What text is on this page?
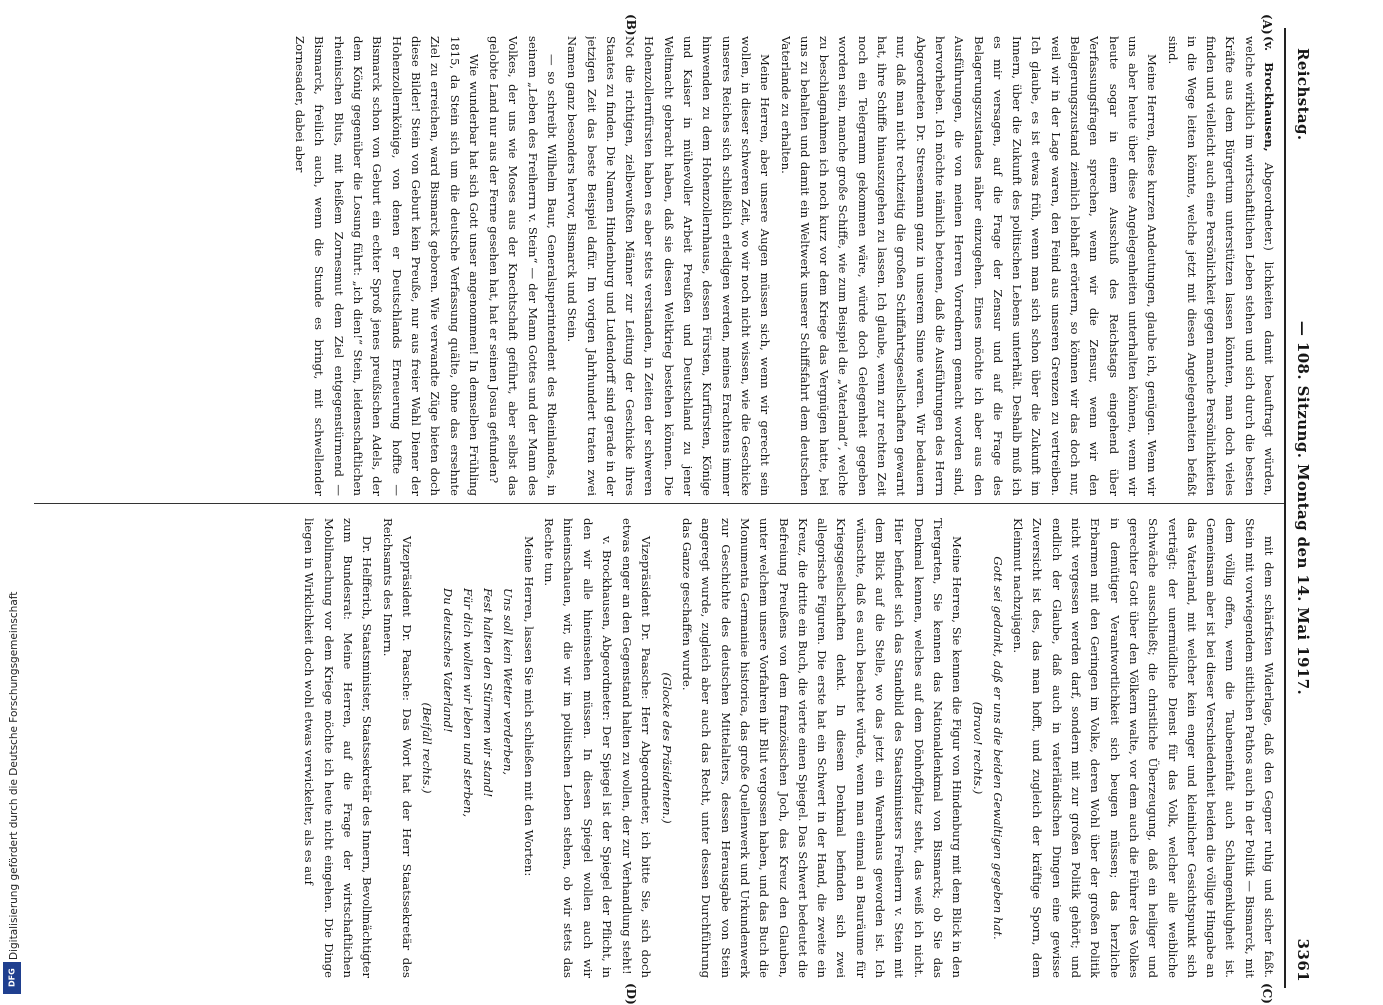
Reichstag.
— 108. Sitzung. Montag den 14. Mai 1917.
3361

(v. Brockhausen, Abgeordneter.) lichkeiten damit beauftragt würden, welche wirklich im wirtschaftlichen Leben stehen und sich durch die besten Kräfte aus dem Bürgertum unterstützen lassen könnten, man doch vieles finden und vielleicht auch eine Persönlichkeit gegen manche Persönlichkeiten in die Wege leiten könnte, welche jetzt mit diesen Angelegenheiten befaßt sind.

Meine Herren, diese kurzen Andeutungen, glaube ich, genügen. Wenn wir uns aber heute über diese Angelegenheiten unterhalten können, wenn wir heute sogar in einem Ausschuß des Reichstags eingehend über Verfassungsfragen sprechen, wenn wir die Zensur, wenn wir den Belagerungszustand ziemlich lebhaft erörtern, so können wir das doch nur, weil wir in der Lage waren, den Feind aus unseren Grenzen zu vertreiben. Ich glaube, es ist etwas früh, wenn man sich schon über die Zukunft im Innern, über die Zukunft des politischen Lebens unterhält. Deshalb muß ich es mir versagen, auf die Frage der Zensur und auf die Frage des Belagerungszustandes näher einzugehen. Eines möchte ich aber aus den Ausführungen, die von meinen Herren Vorrednern gemacht worden sind, hervorheben. Ich möchte nämlich betonen, daß die Ausführungen des Herrn Abgeordneten Dr. Stresemann ganz in unserem Sinne waren. Wir bedauern nur, daß man nicht rechtzeitig die großen Schiffahrtsgesellschaften gewarnt hat, ihre Schiffe hinauszugehen zu lassen. Ich glaube, wenn zur rechten Zeit noch ein Telegramm gekommen wäre, würde doch Gelegenheit gegeben worden sein, manche große Schiffe, wie zum Beispiel die „Vaterland“, welche zu beschlagnahmen ich noch kurz vor dem Kriege das Vergnügen hatte, bei uns zu behalten und damit ein Weltwerk unserer Schiffsfahrt dem deutschen Vaterlande zu erhalten.

Meine Herren, aber unsere Augen müssen sich, wenn wir gerecht sein wollen, in dieser schweren Zeit, wo wir noch nicht wissen, wie die Geschicke unseres Reiches sich schließlich erledigen werden, meines Erachtens immer hinwenden zu dem Hohenzollernhause, dessen Fürsten, Kurfürsten, Könige und Kaiser in mühevoller Arbeit Preußen und Deutschland zu jener Weltmacht gebracht haben, daß sie diesen Weltkrieg bestehen können. Die Hohenzollernfürsten haben es aber stets verstanden, in Zeiten der schweren Not die richtigen, zielbewußten Männer zur Leitung der Geschicke ihres Staates zu finden. Die Namen Hindenburg und Ludendorff sind gerade in der jetzigen Zeit das beste Beispiel dafür. Im vorigen Jahrhundert traten zwei Namen ganz besonders hervor, Bismarck und Stein.

— so schreibt Wilhelm Baur, Generalsuperintendent des Rheinlandes, in seinem „Leben des Freiherrn v. Stein“ — der Mann Gottes und der Mann des Volkes, der uns wie Moses aus der Knechtschaft geführt, aber selbst das gelobte Land nur aus der Ferne gesehen hat, hat er seinen Josua gefunden?

Wie wunderbar hat sich Gott unser angenommen! In demselben Frühling 1815, da Stein sich um die deutsche Verfassung quälte, ohne das ersehnte Ziel zu erreichen, ward Bismarck geboren. Wie verwandte Züge bieten doch diese Bilder! Stein von Geburt kein Preuße, nur aus freier Wahl Diener der Hohenzollernkönige, von denen er Deutschlands Erneuerung hoffte — Bismarck schon von Geburt ein echter Sproß jenes preußischen Adels, der dem König gegenüber die Losung führt: „ich dien!“ Stein, leidenschaftlichen rheinischen Bluts, mit heißem Zornesmut dem Ziel entgegenstürmend — Bismarck, freilich auch, wenn die Stunde es bringt, mit schwellender Zornesader, dabei aber

mit dem schärfsten Widerlage, daß den Gegner ruhig und sicher faßt. Stein mit vorwiegendem sittlichen Pathos auch in der Politik — Bismarck, mit dem völlig offen, wenn die Taubeneinfalt auch Schlangenklugheit ist. Gemeinsam aber ist bei dieser Verschiedenheit beiden die völlige Hingabe an das Vaterland, mit welcher kein enger und kleinlicher Gesichtspunkt sich verträgt: der unermüdliche Dienst für das Volk, welcher alle weibliche Schwäche ausschließt; die christliche Überzeugung, daß ein heiliger und gerechter Gott über den Völkern walte, vor dem auch die Führer des Volkes in demütiger Verantwortlichkeit sich beugen müssen; das herzliche Erbarmen mit den Geringen im Volke, deren Wohl über der großen Politik nicht vergessen werden darf, sondern mit zur großen Politik gehört; und endlich der Glaube, daß auch in vaterländischen Dingen eine gewisse Zuversicht ist des, das man hofft, und zugleich der kräftige Sporn, dem Kleinmut nachzujagen.

Gott sei gedankt, daß er uns die beiden Gewaltigen gegeben hat.

(Bravo! rechts.)

Meine Herren, Sie kennen die Figur von Hindenburg mit dem Blick in den Tiergarten, Sie kennen das Nationaldenkmal von Bismarck; ob Sie das Denkmal kennen, welches auf dem Dönhoffplatz steht, das weiß ich nicht. Hier befindet sich das Standbild des Staatsministers Freiherrn v. Stein mit dem Blick auf die Stelle, wo das jetzt ein Warenhaus geworden ist. Ich wünschte, daß es auch beachtet würde, wenn man einmal an Bauräume für Kriegsgesellschaften denkt. In diesem Denkmal befinden sich zwei allegorische Figuren. Die erste hat ein Schwert in der Hand, die zweite ein Kreuz, die dritte ein Buch, die vierte einen Spiegel. Das Schwert bedeutet die Befreiung Preußens von dem französischen Joch, das Kreuz den Glauben, unter welchem unsere Vorfahren ihr Blut vergossen haben, und das Buch die Monumenta Germaniae historica, das große Quellenwerk und Urkundenwerk zur Geschichte des deutschen Mittelalters, dessen Herausgabe von Stein angeregt wurde, zugleich aber auch das Recht, unter dessen Durchführung das Ganze geschaffen wurde.

(Glocke des Präsidenten.)

Vizepräsident Dr. Paasche: Herr Abgeordneter, ich bitte Sie, sich doch etwas enger an den Gegenstand halten zu wollen, der zur Verhandlung steht!

v. Brockhausen, Abgeordneter: Der Spiegel ist der Spiegel der Pflicht, in den wir alle hineinsehen müssen. In diesen Spiegel wollen auch wir hineinschauen, wir, die wir im politischen Leben stehen, ob wir stets das Rechte tun.

Meine Herren, lassen Sie mich schließen mit den Worten:

Uns soll kein Wetter verderben,

Fest halten den Stürmen wir stand!

Für dich wollen wir leben und sterben,

Du deutsches Vaterland!

(Beifall rechts.)

Vizepräsident Dr. Paasche: Das Wort hat der Herr Staatssekretär des Reichsamts des Innern.

Dr. Helfferich, Staatsminister, Staatssekretär des Innern, Bevollmächtigter zum Bundesrat: Meine Herren, auf die Frage der wirtschaftlichen Mobilmachung vor dem Kriege möchte ich heute nicht eingehen. Die Dinge liegen in Wirklichkeit doch wohl etwas verwickelter, als es auf

(A)
(B)
(C)
(D)
Digitalisierung gefördert durch die Deutsche Forschungsgemeinschaft
DFG
